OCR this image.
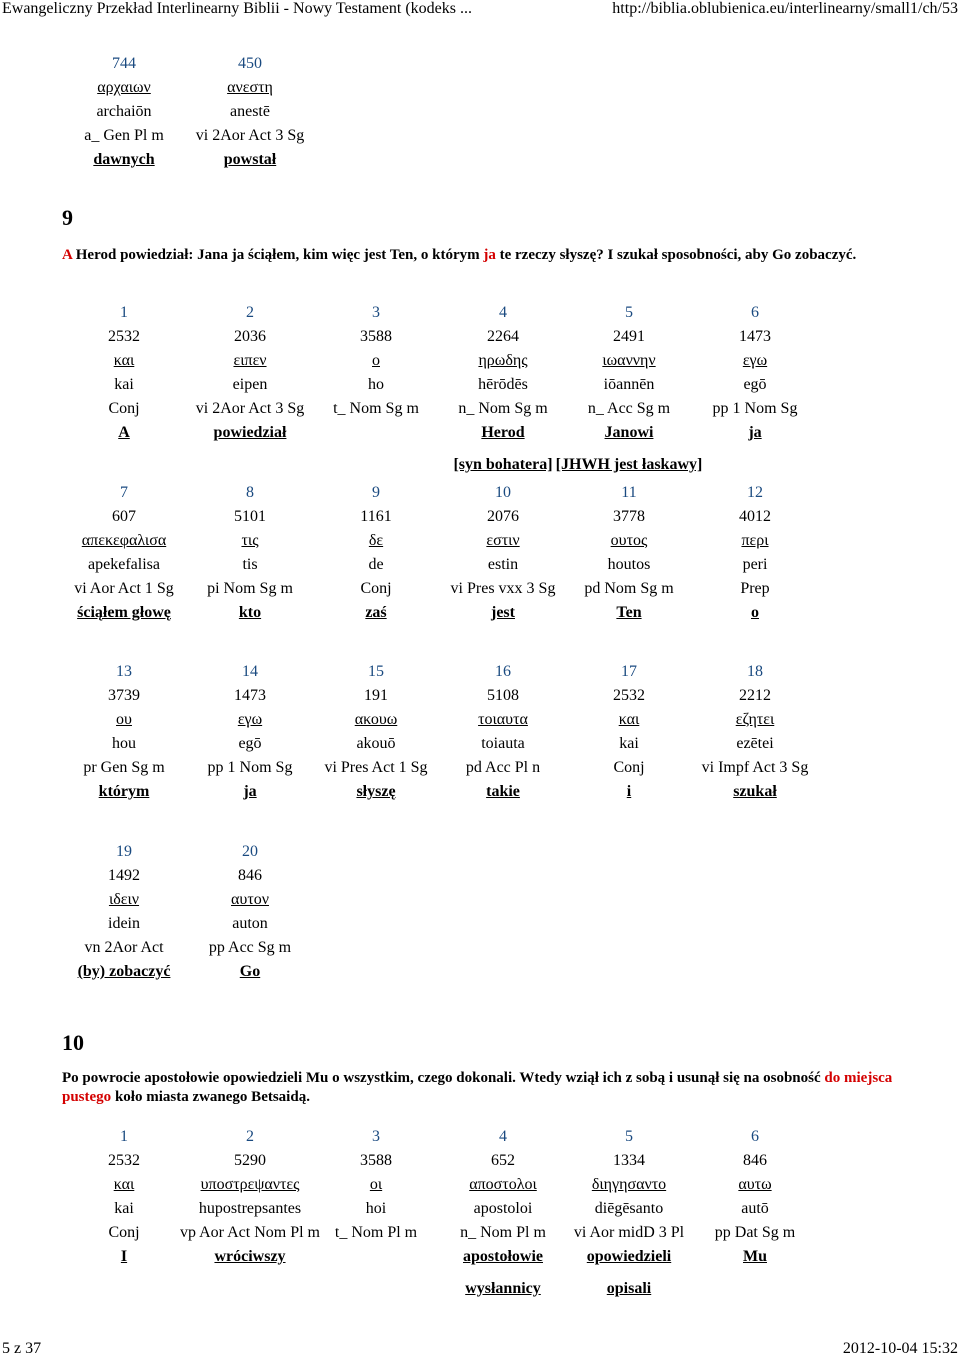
Ewangeliczny Przekład Interlinearny Biblii - Nowy Testament (kodeks ...	http://biblia.oblubienica.eu/interlinearny/small1/ch/53
744
αρχαιων
archaiōn
a_ Gen Pl m
dawnych
450
ανεστη
anestē
vi 2Aor Act 3 Sg
powstał
9
A Herod powiedział: Jana ja ściąłem, kim więc jest Ten, o którym ja te rzeczy słyszę? I szukał sposobności, aby Go zobaczyć.
1
2532
και
kai
Conj
A
2
2036
ειπεν
eipen
vi 2Aor Act 3 Sg
powiedział
3
3588
ο
ho
t_ Nom Sg m
4
2264
ηρωδης
hērōdēs
n_ Nom Sg m
Herod
[syn bohatera]
5
2491
ιωαννην
iōannēn
n_ Acc Sg m
Janowi
[JHWH jest łaskawy]
6
1473
εγω
egō
pp 1 Nom Sg
ja
7
607
απεκεφαλισα
apekefalisa
vi Aor Act 1 Sg
ściąłem głowę
8
5101
τις
tis
pi Nom Sg m
kto
9
1161
δε
de
Conj
zaś
10
2076
εστιν
estin
vi Pres vxx 3 Sg
jest
11
3778
ουτος
houtos
pd Nom Sg m
Ten
12
4012
περι
peri
Prep
o
13
3739
ου
hou
pr Gen Sg m
którym
14
1473
εγω
egō
pp 1 Nom Sg
ja
15
191
ακουω
akouō
vi Pres Act 1 Sg
słyszę
16
5108
τοιαυτα
toiauta
pd Acc Pl n
takie
17
2532
και
kai
Conj
i
18
2212
εζητει
ezētei
vi Impf Act 3 Sg
szukał
19
1492
ιδειν
idein
vn 2Aor Act
(by) zobaczyć
20
846
αυτον
auton
pp Acc Sg m
Go
10
Po powrocie apostołowie opowiedzieli Mu o wszystkim, czego dokonali. Wtedy wziął ich z sobą i usunął się na osobność do miejsca pustego koło miasta zwanego Betsaidą.
1
2532
και
kai
Conj
I
2
5290
υποστρεψαντες
hupostrepsantes
vp Aor Act Nom Pl m
wróciwszy
3
3588
οι
hoi
t_ Nom Pl m
4
652
αποστολοι
apostoloi
n_ Nom Pl m
apostołowie
wysłannicy
5
1334
διηγησαντο
diēgēsanto
vi Aor midD 3 Pl
opowiedzieli
opisali
6
846
αυτω
autō
pp Dat Sg m
Mu
5 z 37	2012-10-04 15:32
